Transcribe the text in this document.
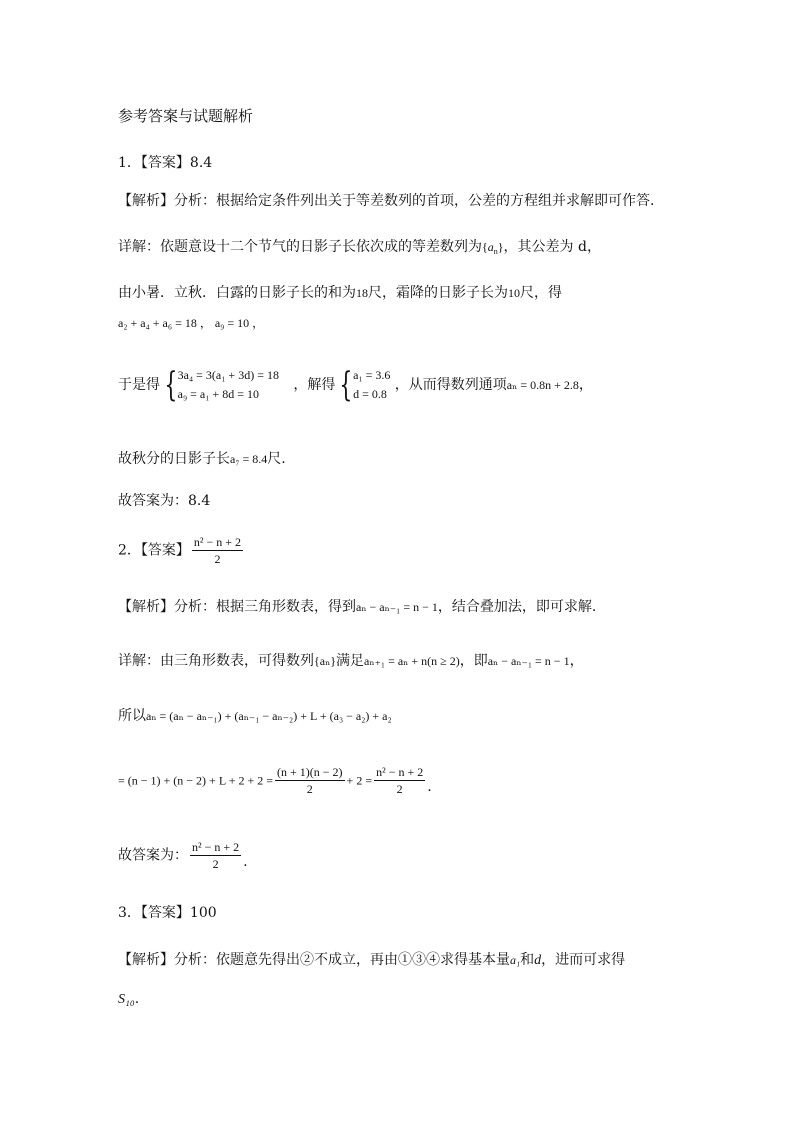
参考答案与试题解析
1．【答案】8.4
【解析】分析：根据给定条件列出关于等差数列的首项，公差的方程组并求解即可作答.
详解：依题意设十二个节气的日影子长依次成的等差数列为$\{a_n\}$，其公差为 d，
由小暑．立秋．白露的日影子长的和为18尺，霜降的日影子长为10尺，得
a₂ + a₄ + a₆ = 18 ， a₉ = 10 ，
于是得 { 3a₄ = 3(a₁ + 3d) = 18
a₉ = a₁ + 8d = 10
，解得 { a₁ = 3.6
d = 0.8
，从而得数列通项aₙ = 0.8n + 2.8，
故秋分的日影子长a₇ = 8.4尺.
故答案为：8.4
2．【答案】 $\frac{\text{n² − n + 2}}{2}$
【解析】分析：根据三角形数表，得到aₙ − aₙ₋₁ = n − 1，结合叠加法，即可求解.
详解：由三角形数表，可得数列{aₙ}满足aₙ₊₁ = aₙ + n(n ≥ 2)，即aₙ − aₙ₋₁ = n − 1，
所以aₙ = (aₙ − aₙ₋₁) + (aₙ₋₁ − aₙ₋₂) + L + (a₃ − a₂) + a₂
= $(n - 1) + (n - 2) + L + 2 + 2 = \frac{(n + 1)(n - 2)}{2} + 2 = \frac{\text{n² − n + 2}}{2}$ .
故答案为： $\frac{\text{n² − n + 2}}{2}$ .
3．【答案】100
【解析】分析：依题意先得出②不成立，再由①③④求得基本量a₁和d，进而可求得
S₁₀.
